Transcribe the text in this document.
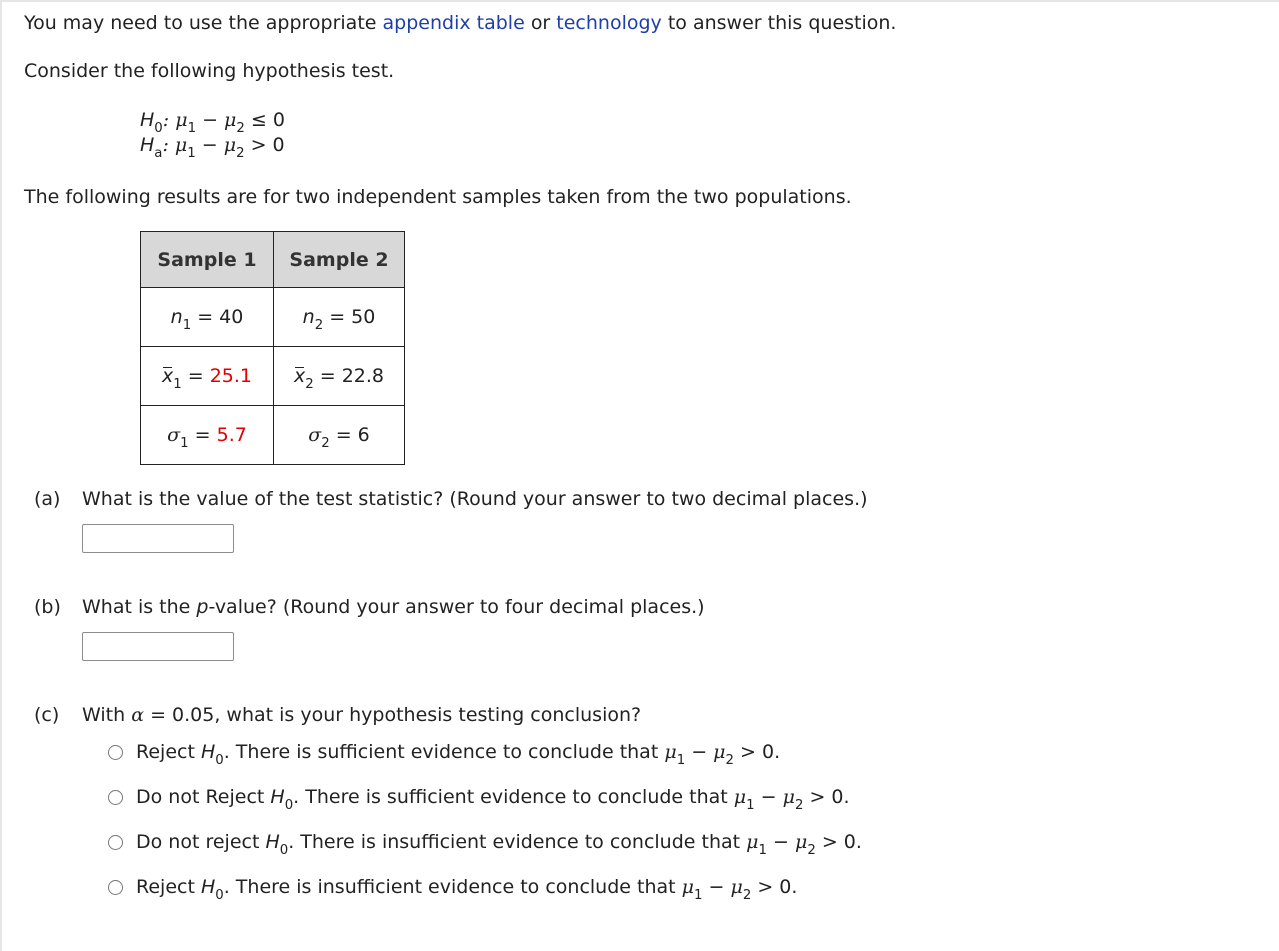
You may need to use the appropriate appendix table or technology to answer this question.
Consider the following hypothesis test.
$H_0$: $\mu_1 - \mu_2 \le 0$
$H_a$: $\mu_1 - \mu_2 > 0$
The following results are for two independent samples taken from the two populations.
Sample 1	Sample 2
$n_1 = 40$	$n_2 = 50$
$x_1 = 25.1$	$x_2 = 22.8$
$\sigma_1 = 5.7$	$\sigma_2 = 6$
(a) What is the value of the test statistic? (Round your answer to two decimal places.)
(b) What is the p-value? (Round your answer to four decimal places.)
(c) With α = 0.05, what is your hypothesis testing conclusion?
Reject $H_0$. There is sufficient evidence to conclude that $\mu_1 - \mu_2 > 0$.
Do not Reject $H_0$. There is sufficient evidence to conclude that $\mu_1 - \mu_2 > 0$.
Do not reject $H_0$. There is insufficient evidence to conclude that $\mu_1 - \mu_2 > 0$.
Reject $H_0$. There is insufficient evidence to conclude that $\mu_1 - \mu_2 > 0$.
